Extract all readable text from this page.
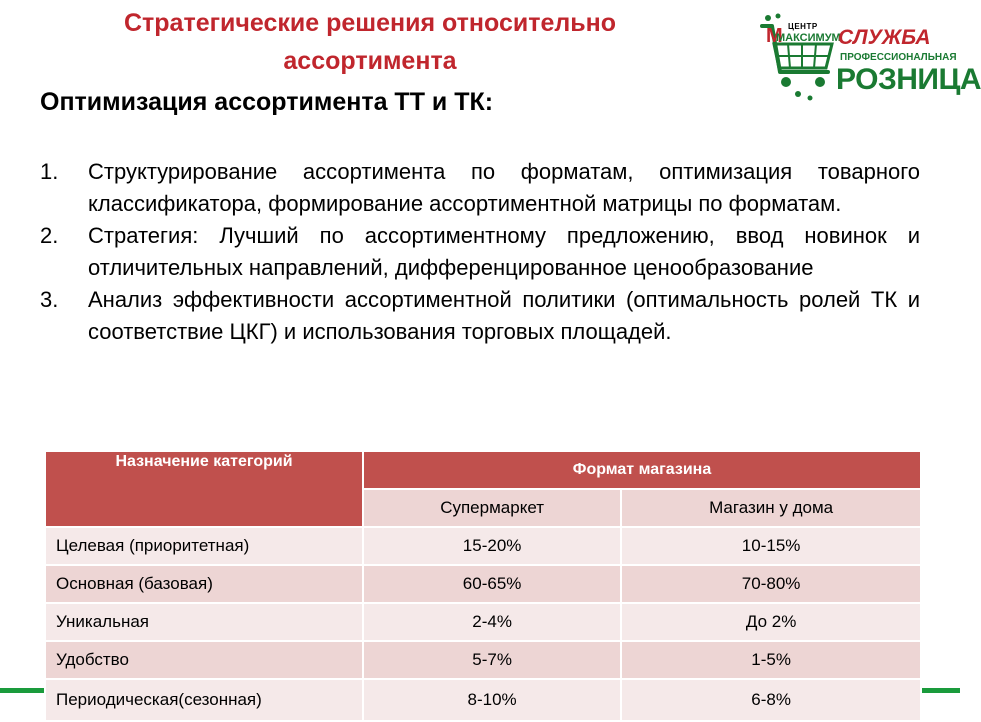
Стратегические решения относительно
ассортимента
M ЦЕНТР
МАКСИМУМ
СЛУЖБА
ПРОФЕССИОНАЛЬНАЯ
РОЗНИЦА
Оптимизация ассортимента ТТ и ТК:
1. Структурирование ассортимента по форматам, оптимизация товарного классификатора, формирование ассортиментной матрицы по форматам.
2. Стратегия: Лучший по ассортиментному предложению, ввод новинок и отличительных направлений, дифференцированное ценообразование
3. Анализ эффективности ассортиментной политики (оптимальность ролей ТК и соответствие ЦКГ) и использования торговых площадей.
Назначение категорий	Формат магазина	
	Супермаркет	Магазин у дома
Целевая (приоритетная)	15-20%	10-15%
Основная (базовая)	60-65%	70-80%
Уникальная	2-4%	До 2%
Удобство	5-7%	1-5%
Периодическая(сезонная)	8-10%	6-8%
